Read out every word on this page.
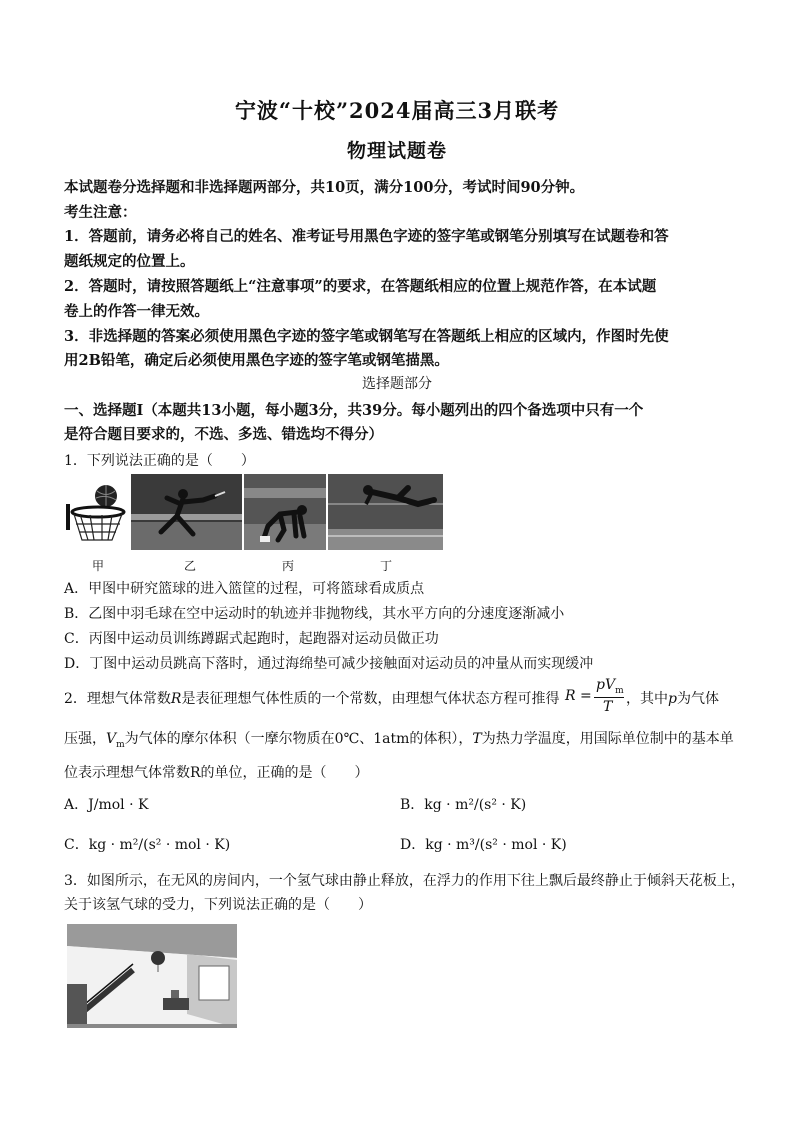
宁波“十校”2024届高三3月联考
物理试题卷
本试题卷分选择题和非选择题两部分，共10页，满分100分，考试时间90分钟。
考生注意：
1．答题前，请务必将自己的姓名、准考证号用黑色字迹的签字笔或钢笔分别填写在试题卷和答
题纸规定的位置上。
2．答题时，请按照答题纸上“注意事项”的要求，在答题纸相应的位置上规范作答，在本试题
卷上的作答一律无效。
3．非选择题的答案必须使用黑色字迹的签字笔或钢笔写在答题纸上相应的区域内，作图时先使
用2B铅笔，确定后必须使用黑色字迹的签字笔或钢笔描黑。
选择题部分
一、选择题Ⅰ（本题共13小题，每小题3分，共39分。每小题列出的四个备选项中只有一个
是符合题目要求的，不选、多选、错选均不得分）
1．下列说法正确的是（　　）
甲	乙	丙	丁
A．甲图中研究篮球的进入篮筐的过程，可将篮球看成质点
B．乙图中羽毛球在空中运动时的轨迹并非抛物线，其水平方向的分速度逐渐减小
C．丙图中运动员训练蹲踞式起跑时，起跑器对运动员做正功
D．丁图中运动员跳高下落时，通过海绵垫可减少接触面对运动员的冲量从而实现缓冲
2．理想气体常数R是表征理想气体性质的一个常数，由理想气体状态方程可推得 R =
$pV_m$
T ，其中p为气体
压强，$V_m$为气体的摩尔体积（一摩尔物质在0℃、1atm的体积），T为热力学温度，用国际单位制中的基本单
位表示理想气体常数R的单位，正确的是（　　）
A．J/mol · K	B．kg · m²/(s² · K)
C．kg · m²/(s² · mol · K)	D．kg · m³/(s² · mol · K)
3．如图所示，在无风的房间内，一个氢气球由静止释放，在浮力的作用下往上飘后最终静止于倾斜天花板上，
关于该氢气球的受力，下列说法正确的是（　　）
